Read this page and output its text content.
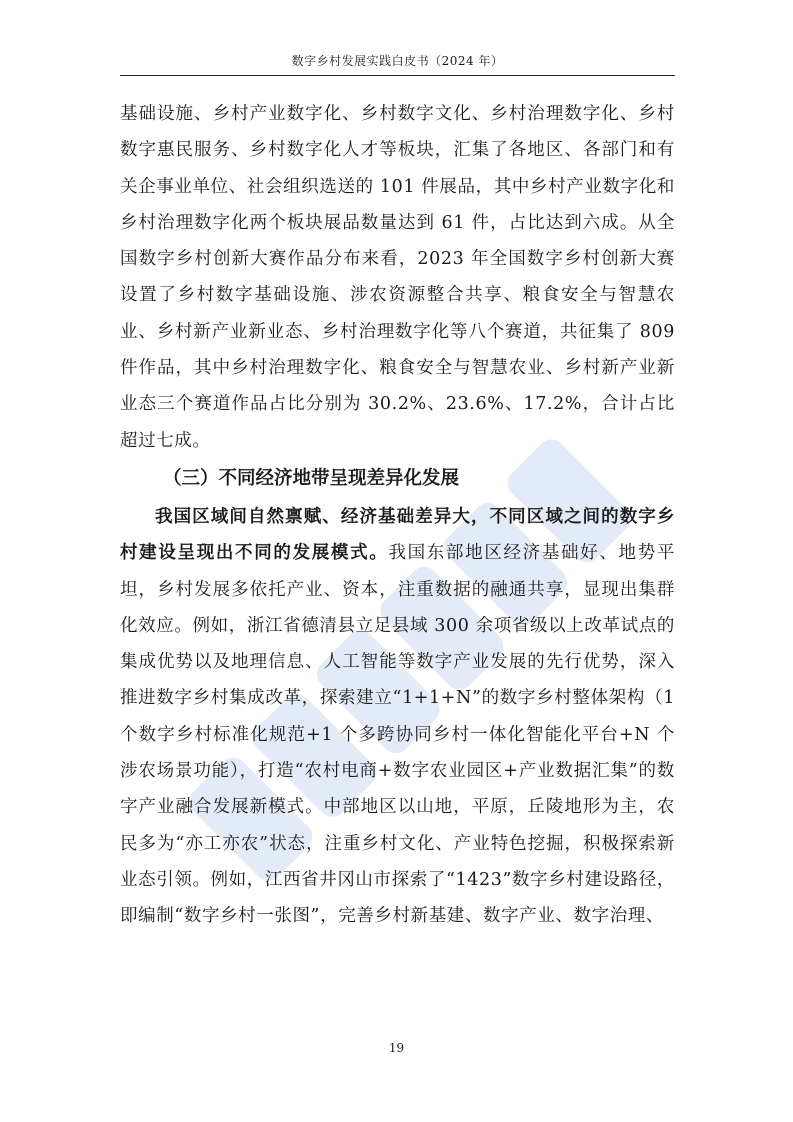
数字乡村发展实践白皮书（2024 年）

基础设施、乡村产业数字化、乡村数字文化、乡村治理数字化、乡村数字惠民服务、乡村数字化人才等板块，汇集了各地区、各部门和有关企事业单位、社会组织选送的 101 件展品，其中乡村产业数字化和乡村治理数字化两个板块展品数量达到 61 件，占比达到六成。从全国数字乡村创新大赛作品分布来看，2023 年全国数字乡村创新大赛设置了乡村数字基础设施、涉农资源整合共享、粮食安全与智慧农业、乡村新产业新业态、乡村治理数字化等八个赛道，共征集了 809 件作品，其中乡村治理数字化、粮食安全与智慧农业、乡村新产业新业态三个赛道作品占比分别为 30.2%、23.6%、17.2%，合计占比超过七成。

（三）不同经济地带呈现差异化发展

我国区域间自然禀赋、经济基础差异大，不同区域之间的数字乡村建设呈现出不同的发展模式。我国东部地区经济基础好、地势平坦，乡村发展多依托产业、资本，注重数据的融通共享，显现出集群化效应。例如，浙江省德清县立足县域 300 余项省级以上改革试点的集成优势以及地理信息、人工智能等数字产业发展的先行优势，深入推进数字乡村集成改革，探索建立“1+1+N”的数字乡村整体架构（1 个数字乡村标准化规范+1 个多跨协同乡村一体化智能化平台+N 个涉农场景功能），打造“农村电商+数字农业园区+产业数据汇集”的数字产业融合发展新模式。中部地区以山地，平原，丘陵地形为主，农民多为“亦工亦农”状态，注重乡村文化、产业特色挖掘，积极探索新业态引领。例如，江西省井冈山市探索了“1423”数字乡村建设路径，即编制“数字乡村一张图”，完善乡村新基建、数字产业、数字治理、

19
